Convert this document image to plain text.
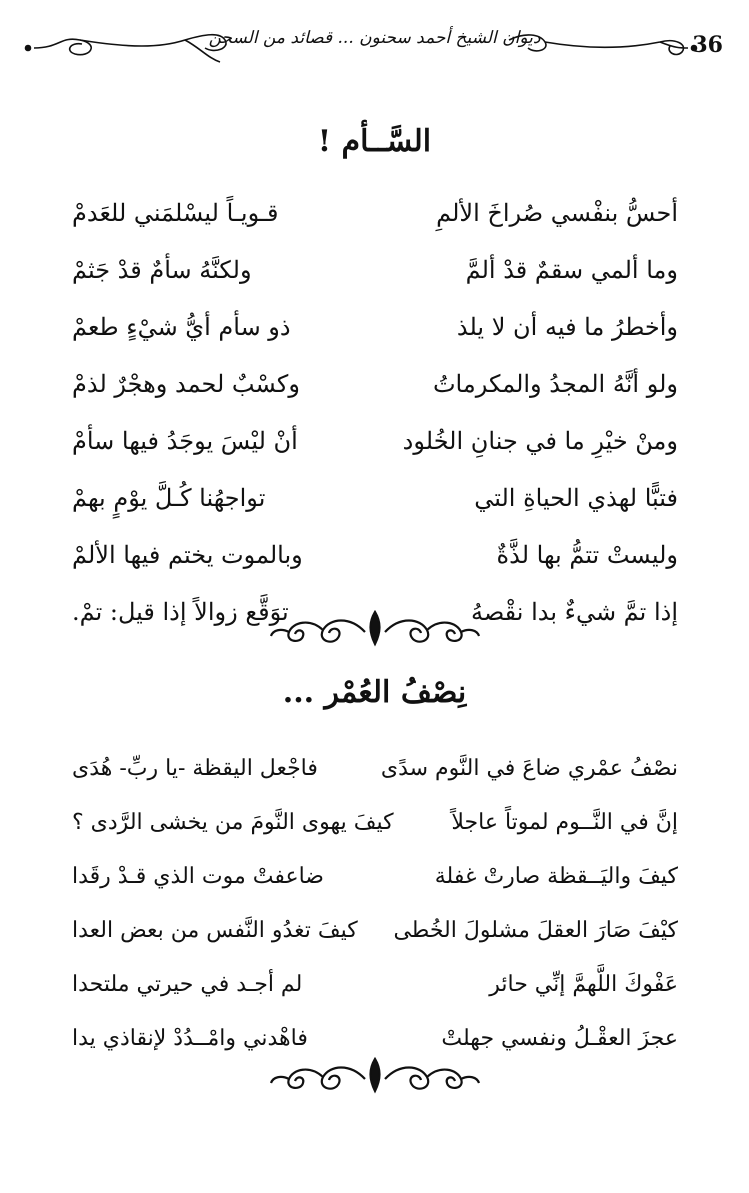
ديوان الشيخ أحمد سحنون ... قصائد من السجن	36
السَّــأم !
أحسُّ بنفْسي صُراخَ الألمِ
قـويـاً ليسْلمَني للعَدمْ
وما ألمي سقمٌ قدْ ألمَّ
ولكنَّهُ سأمٌ قدْ جَثمْ
وأخطرُ ما فيه أن لا يلذ
ذو سأم أيُّ شيْءٍ طعمْ
ولو أنَّهُ المجدُ والمكرماتُ
وكسْبٌ لحمد وهجْرٌ لذمْ
ومنْ خيْرِ ما في جنانِ الخُلود
أنْ ليْسَ يوجَدُ فيها سأمْ
فتبًّا لهذي الحياةِ التي
تواجهُنا كُـلَّ يوْمٍ بهمْ
وليستْ تتمُّ بها لذَّةٌ
وبالموت يختم فيها الألمْ
إذا تمَّ شيءٌ بدا نقْصهُ
توَقَّع زوالاً إذا قيل: تمْ.
نِصْفُ العُمْر ...
نصْفُ عمْري ضاعَ في النَّوم سدًى
فاجْعل اليقظة -يا ربِّ- هُدَى
إنَّ في النَّــوم لموتاً عاجلاً
كيفَ يهوى النَّومَ من يخشى الرَّدى ؟
كيفَ واليَــقظة صارتْ غفلة
ضاعفتْ موت الذي قـدْ رقَدا
كيْفَ صَارَ العقلَ مشلولَ الخُطى
كيفَ تغدُو النَّفس من بعض العدا
عَفْوكَ اللَّهمَّ إنِّي حائر
لم أجـد في حيرتي ملتحدا
عجزَ العقْـلُ ونفسي جهلتْ
فاهْدني وامْــدُدْ لإنقاذي يدا
